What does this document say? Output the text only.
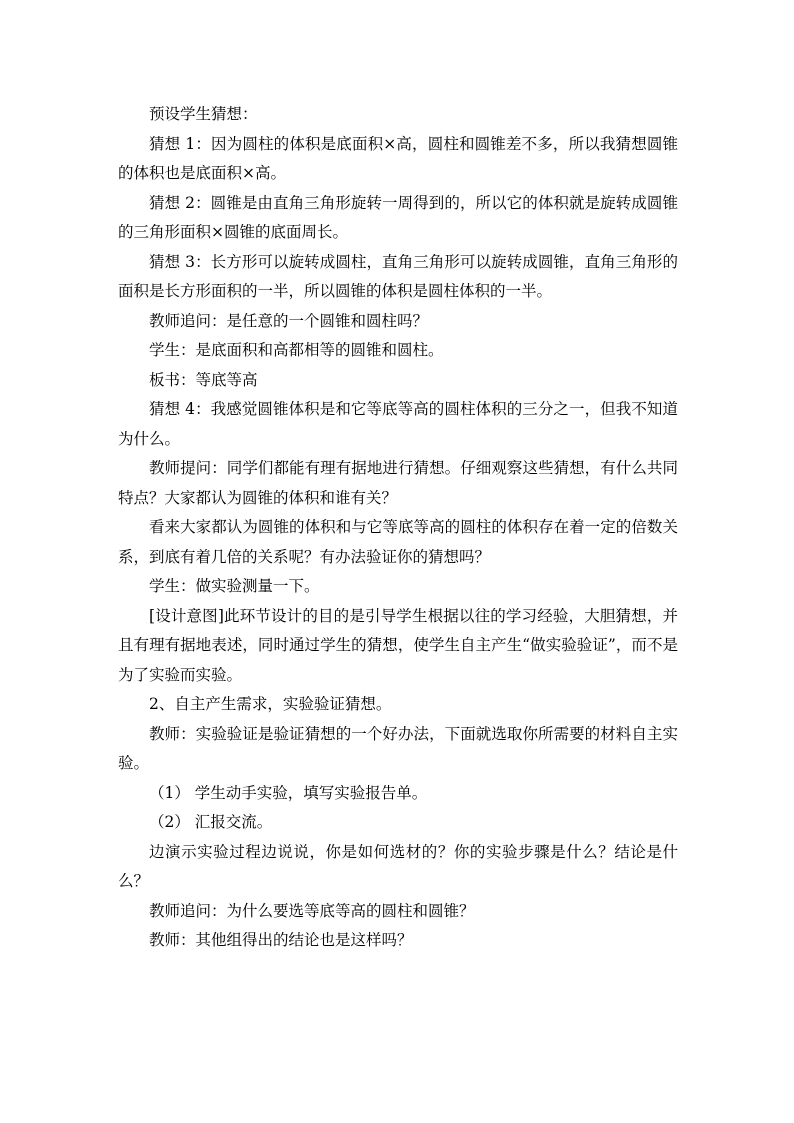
预设学生猜想：

猜想 1：因为圆柱的体积是底面积×高，圆柱和圆锥差不多，所以我猜想圆锥的体积也是底面积×高。

猜想 2：圆锥是由直角三角形旋转一周得到的，所以它的体积就是旋转成圆锥的三角形面积×圆锥的底面周长。

猜想 3：长方形可以旋转成圆柱，直角三角形可以旋转成圆锥，直角三角形的面积是长方形面积的一半，所以圆锥的体积是圆柱体积的一半。

教师追问：是任意的一个圆锥和圆柱吗？

学生：是底面积和高都相等的圆锥和圆柱。

板书：等底等高

猜想 4：我感觉圆锥体积是和它等底等高的圆柱体积的三分之一，但我不知道为什么。

教师提问：同学们都能有理有据地进行猜想。仔细观察这些猜想，有什么共同特点？大家都认为圆锥的体积和谁有关？

看来大家都认为圆锥的体积和与它等底等高的圆柱的体积存在着一定的倍数关系，到底有着几倍的关系呢？有办法验证你的猜想吗？

学生：做实验测量一下。

[设计意图]此环节设计的目的是引导学生根据以往的学习经验，大胆猜想，并且有理有据地表述，同时通过学生的猜想，使学生自主产生“做实验验证”，而不是为了实验而实验。

2、自主产生需求，实验验证猜想。

教师：实验验证是验证猜想的一个好办法，下面就选取你所需要的材料自主实验。

（1） 学生动手实验，填写实验报告单。

（2） 汇报交流。

边演示实验过程边说说，你是如何选材的？你的实验步骤是什么？结论是什么？

教师追问：为什么要选等底等高的圆柱和圆锥？

教师：其他组得出的结论也是这样吗？
